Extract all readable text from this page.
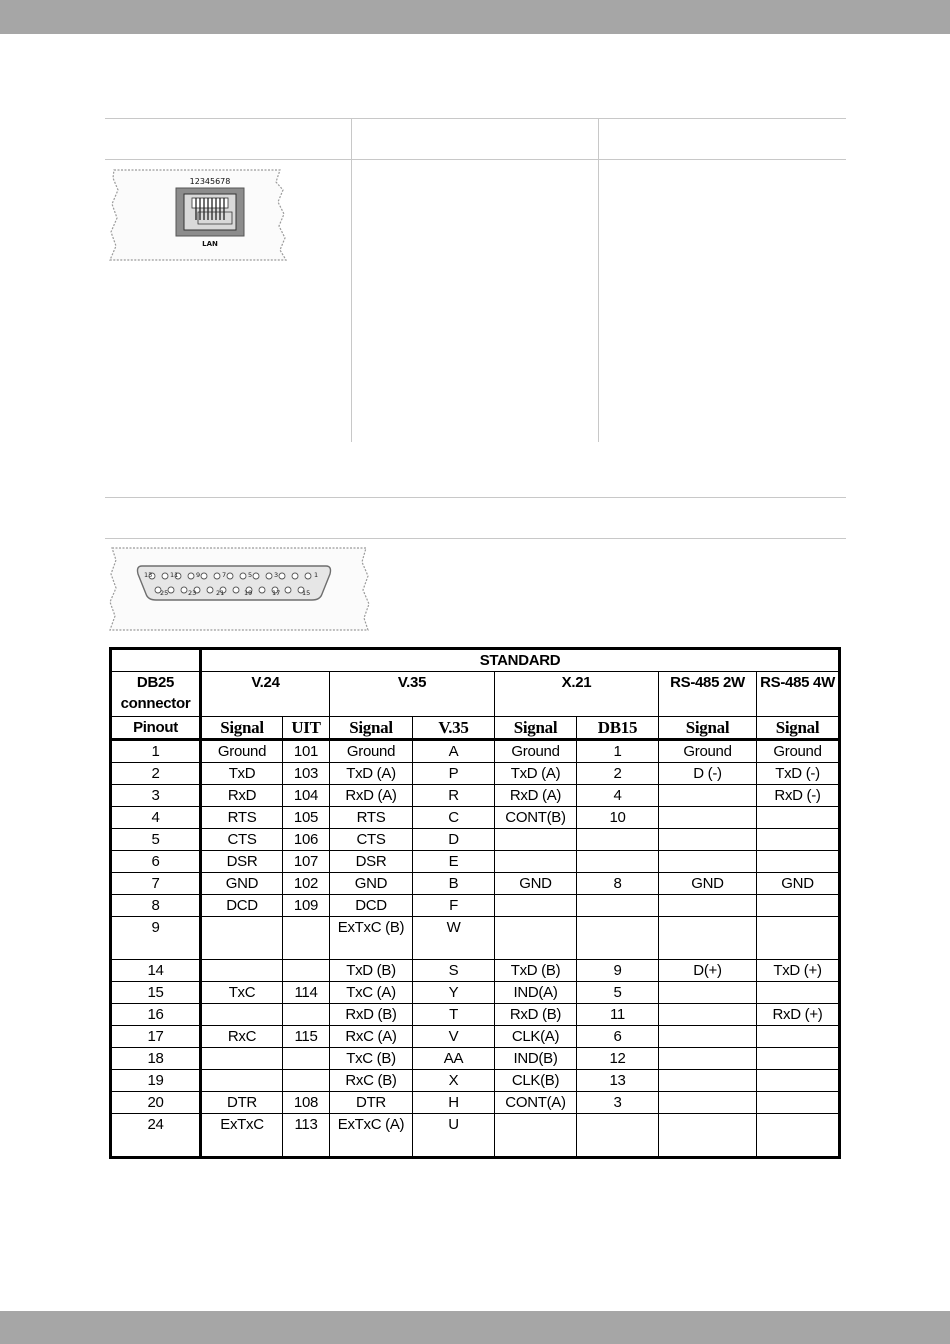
12345678
LAN
13	11	9	7	5	3	1
25	23	21	19	17	15
	STANDARD							
DB25 connector	V.24		V.35		X.21		RS-485 2W	RS-485 4W
Pinout	Signal	UIT	Signal	V.35	Signal	DB15	Signal	Signal
1	Ground	101	Ground	A	Ground	1	Ground	Ground
2	TxD	103	TxD (A)	P	TxD (A)	2	D (-)	TxD (-)
3	RxD	104	RxD (A)	R	RxD (A)	4		RxD (-)
4	RTS	105	RTS	C	CONT(B)	10		
5	CTS	106	CTS	D				
6	DSR	107	DSR	E				
7	GND	102	GND	B	GND	8	GND	GND
8	DCD	109	DCD	F				
9			ExTxC (B)	W				
14			TxD (B)	S	TxD (B)	9	D(+)	TxD (+)
15	TxC	114	TxC (A)	Y	IND(A)	5		
16			RxD (B)	T	RxD (B)	11		RxD (+)
17	RxC	115	RxC (A)	V	CLK(A)	6		
18			TxC (B)	AA	IND(B)	12		
19			RxC (B)	X	CLK(B)	13		
20	DTR	108	DTR	H	CONT(A)	3		
24	ExTxC	113	ExTxC (A)	U				
